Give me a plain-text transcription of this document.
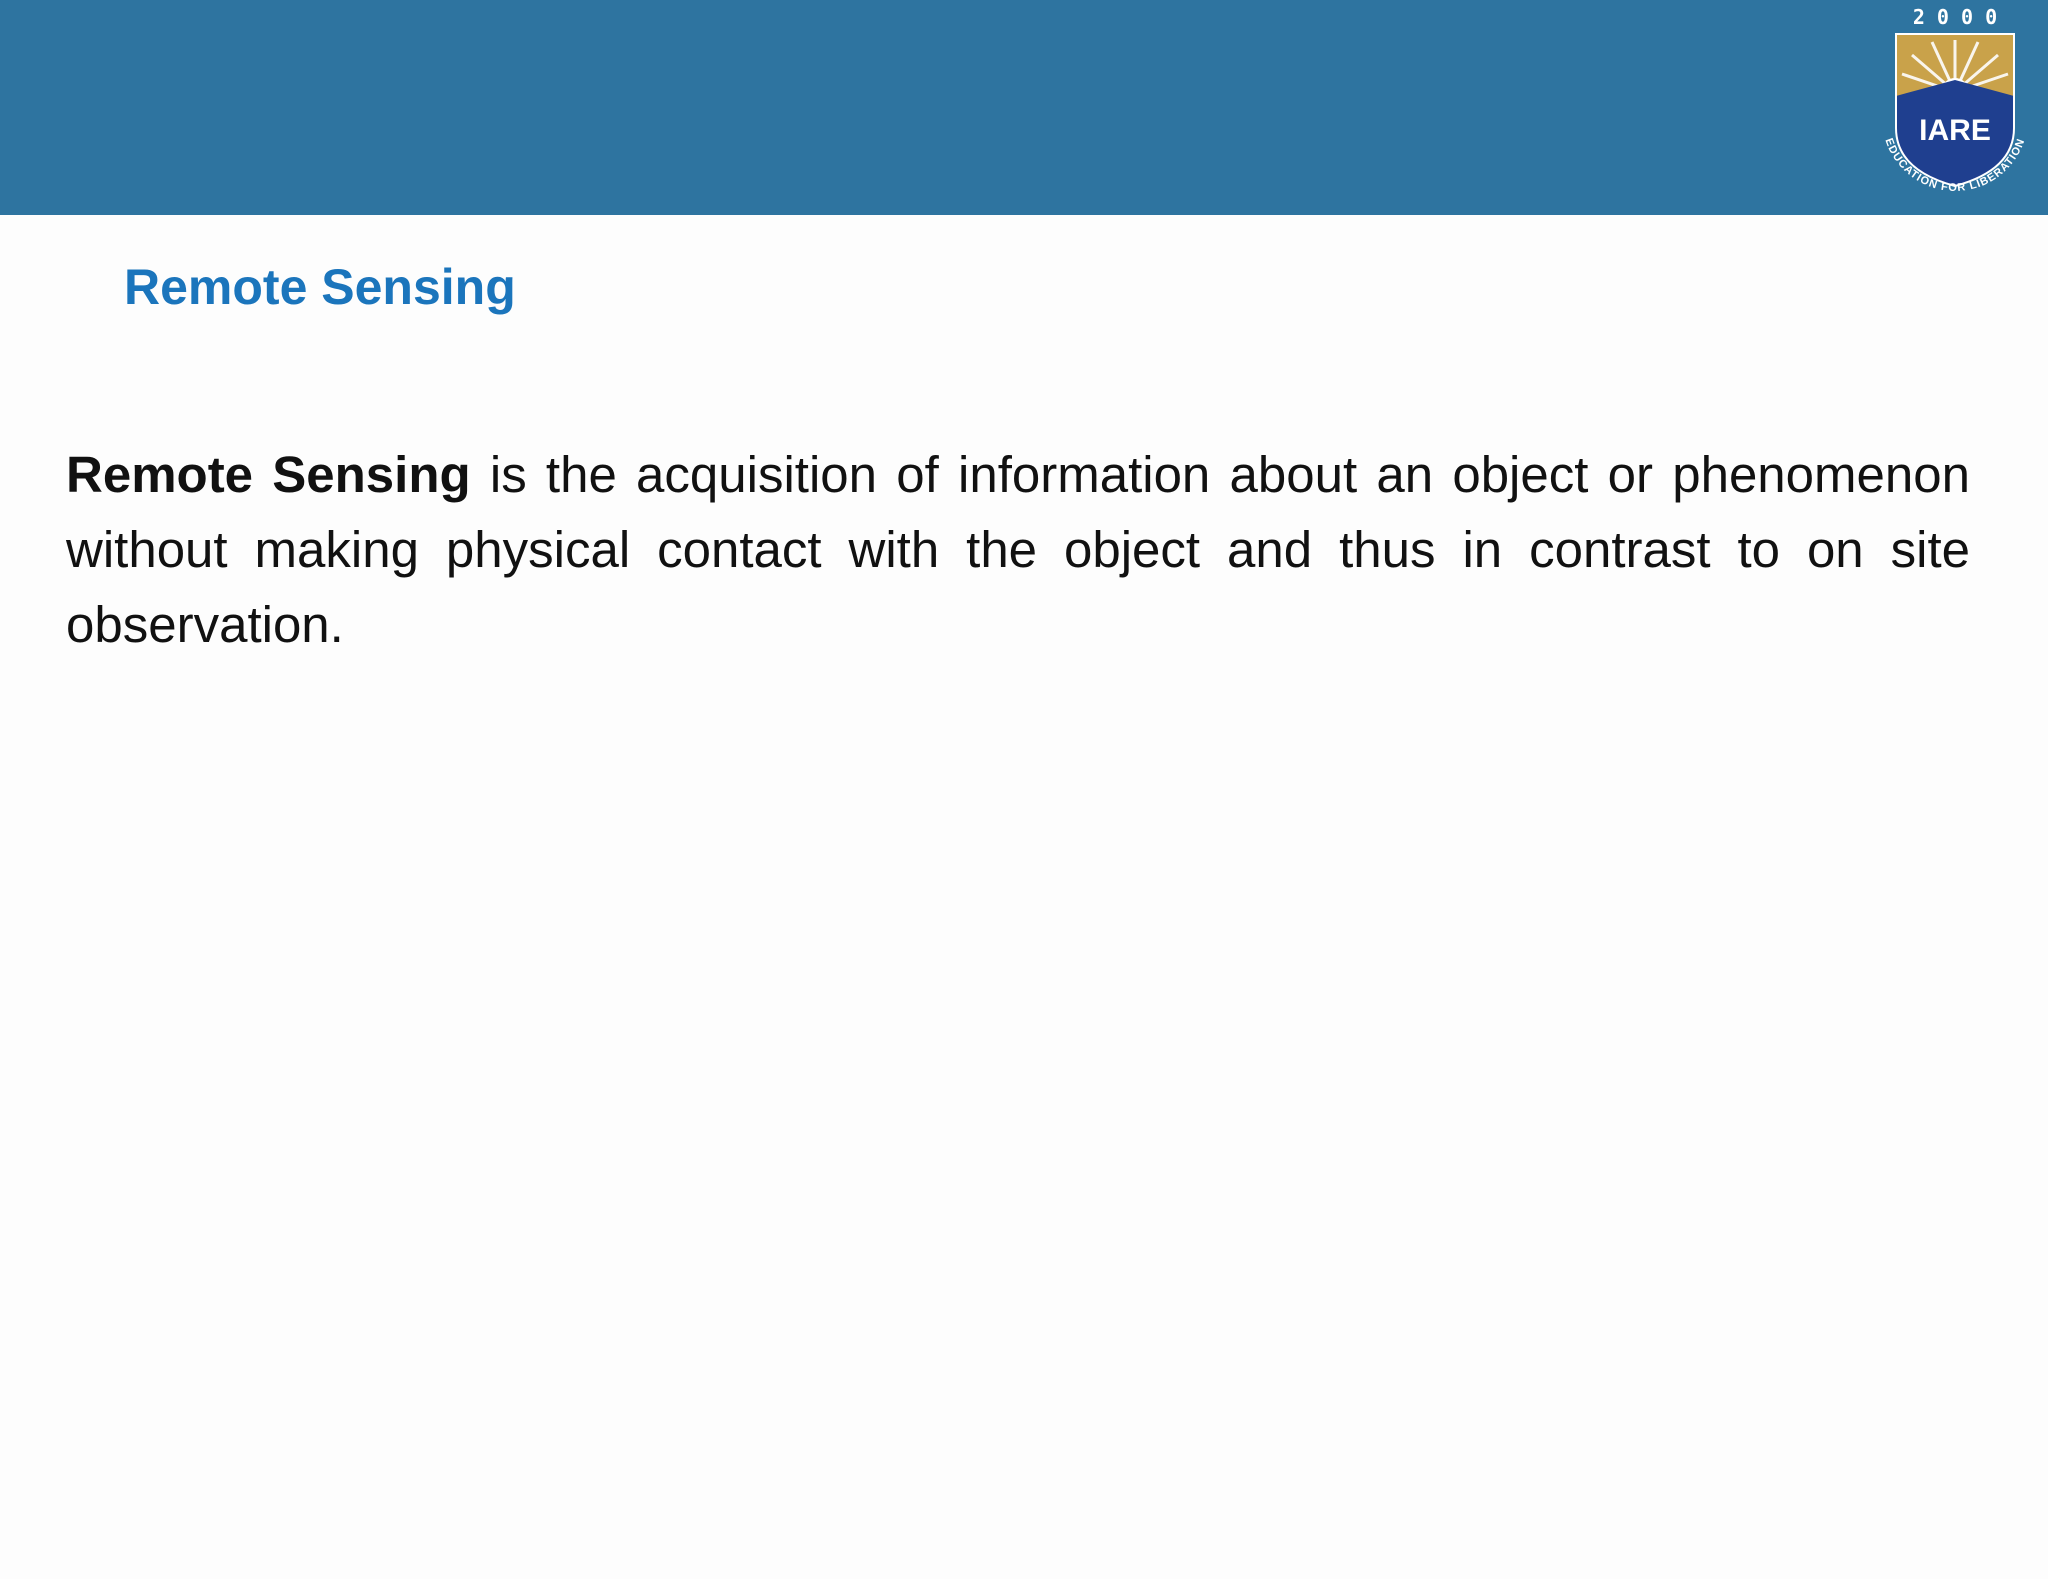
2 0 0 0
IARE
EDUCATION FOR LIBERATION
Remote Sensing

Remote Sensing is the acquisition of information about an object or phenomenon without making physical contact with the object and thus in contrast to on site observation.
